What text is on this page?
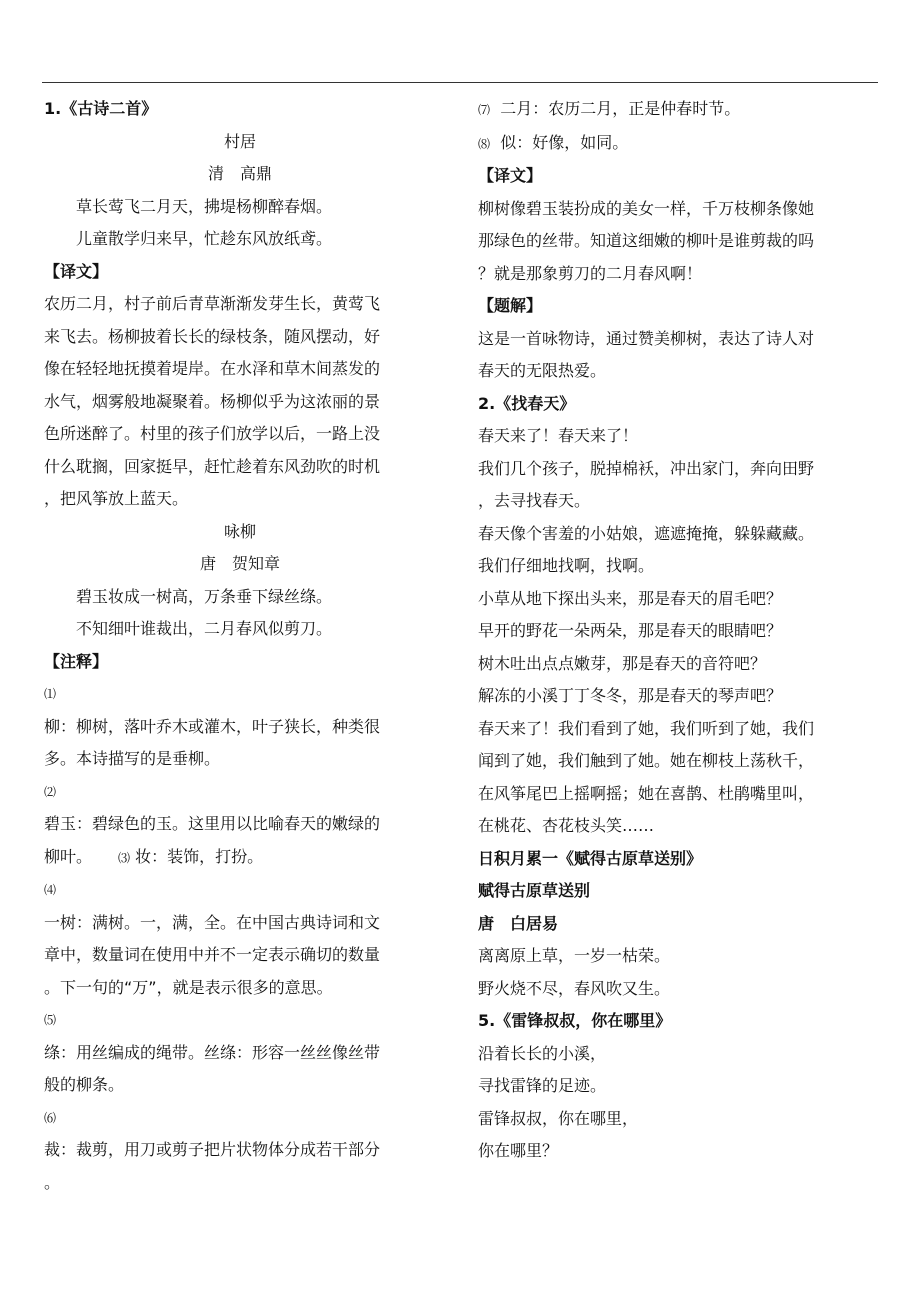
1.《古诗二首》

村居

清　高鼎

草长莺飞二月天，拂堤杨柳醉春烟。

儿童散学归来早，忙趁东风放纸鸢。

【译文】

农历二月，村子前后青草渐渐发芽生长，黄莺飞

来飞去。杨柳披着长长的绿枝条，随风摆动，好

像在轻轻地抚摸着堤岸。在水泽和草木间蒸发的

水气，烟雾般地凝聚着。杨柳似乎为这浓丽的景

色所迷醉了。村里的孩子们放学以后，一路上没

什么耽搁，回家挺早，赶忙趁着东风劲吹的时机

，把风筝放上蓝天。

咏柳

唐　贺知章

碧玉妆成一树高，万条垂下绿丝绦。

不知细叶谁裁出，二月春风似剪刀。

【注释】

⑴

柳：柳树，落叶乔木或灌木，叶子狭长，种类很

多。本诗描写的是垂柳。

⑵

碧玉：碧绿色的玉。这里用以比喻春天的嫩绿的

柳叶。 ⑶ 妆：装饰，打扮。

⑷

一树：满树。一，满，全。在中国古典诗词和文

章中，数量词在使用中并不一定表示确切的数量

。下一句的“万”，就是表示很多的意思。

⑸

绦：用丝编成的绳带。丝绦：形容一丝丝像丝带

般的柳条。

⑹

裁：裁剪，用刀或剪子把片状物体分成若干部分

。

⑺ 二月：农历二月，正是仲春时节。

⑻ 似：好像，如同。

【译文】

柳树像碧玉装扮成的美女一样，千万枝柳条像她

那绿色的丝带。知道这细嫩的柳叶是谁剪裁的吗

？就是那象剪刀的二月春风啊！

【题解】

这是一首咏物诗，通过赞美柳树，表达了诗人对

春天的无限热爱。

2.《找春天》

春天来了！春天来了！

我们几个孩子，脱掉棉袄，冲出家门，奔向田野

，去寻找春天。

春天像个害羞的小姑娘，遮遮掩掩，躲躲藏藏。

我们仔细地找啊，找啊。

小草从地下探出头来，那是春天的眉毛吧？

早开的野花一朵两朵，那是春天的眼睛吧？

树木吐出点点嫩芽，那是春天的音符吧？

解冻的小溪丁丁冬冬，那是春天的琴声吧？

春天来了！我们看到了她，我们听到了她，我们

闻到了她，我们触到了她。她在柳枝上荡秋千，

在风筝尾巴上摇啊摇；她在喜鹊、杜鹃嘴里叫，

在桃花、杏花枝头笑……

日积月累一《赋得古原草送别》

赋得古原草送别

唐　白居易

离离原上草，一岁一枯荣。

野火烧不尽，春风吹又生。

5.《雷锋叔叔，你在哪里》

沿着长长的小溪，

寻找雷锋的足迹。

雷锋叔叔，你在哪里，

你在哪里？
